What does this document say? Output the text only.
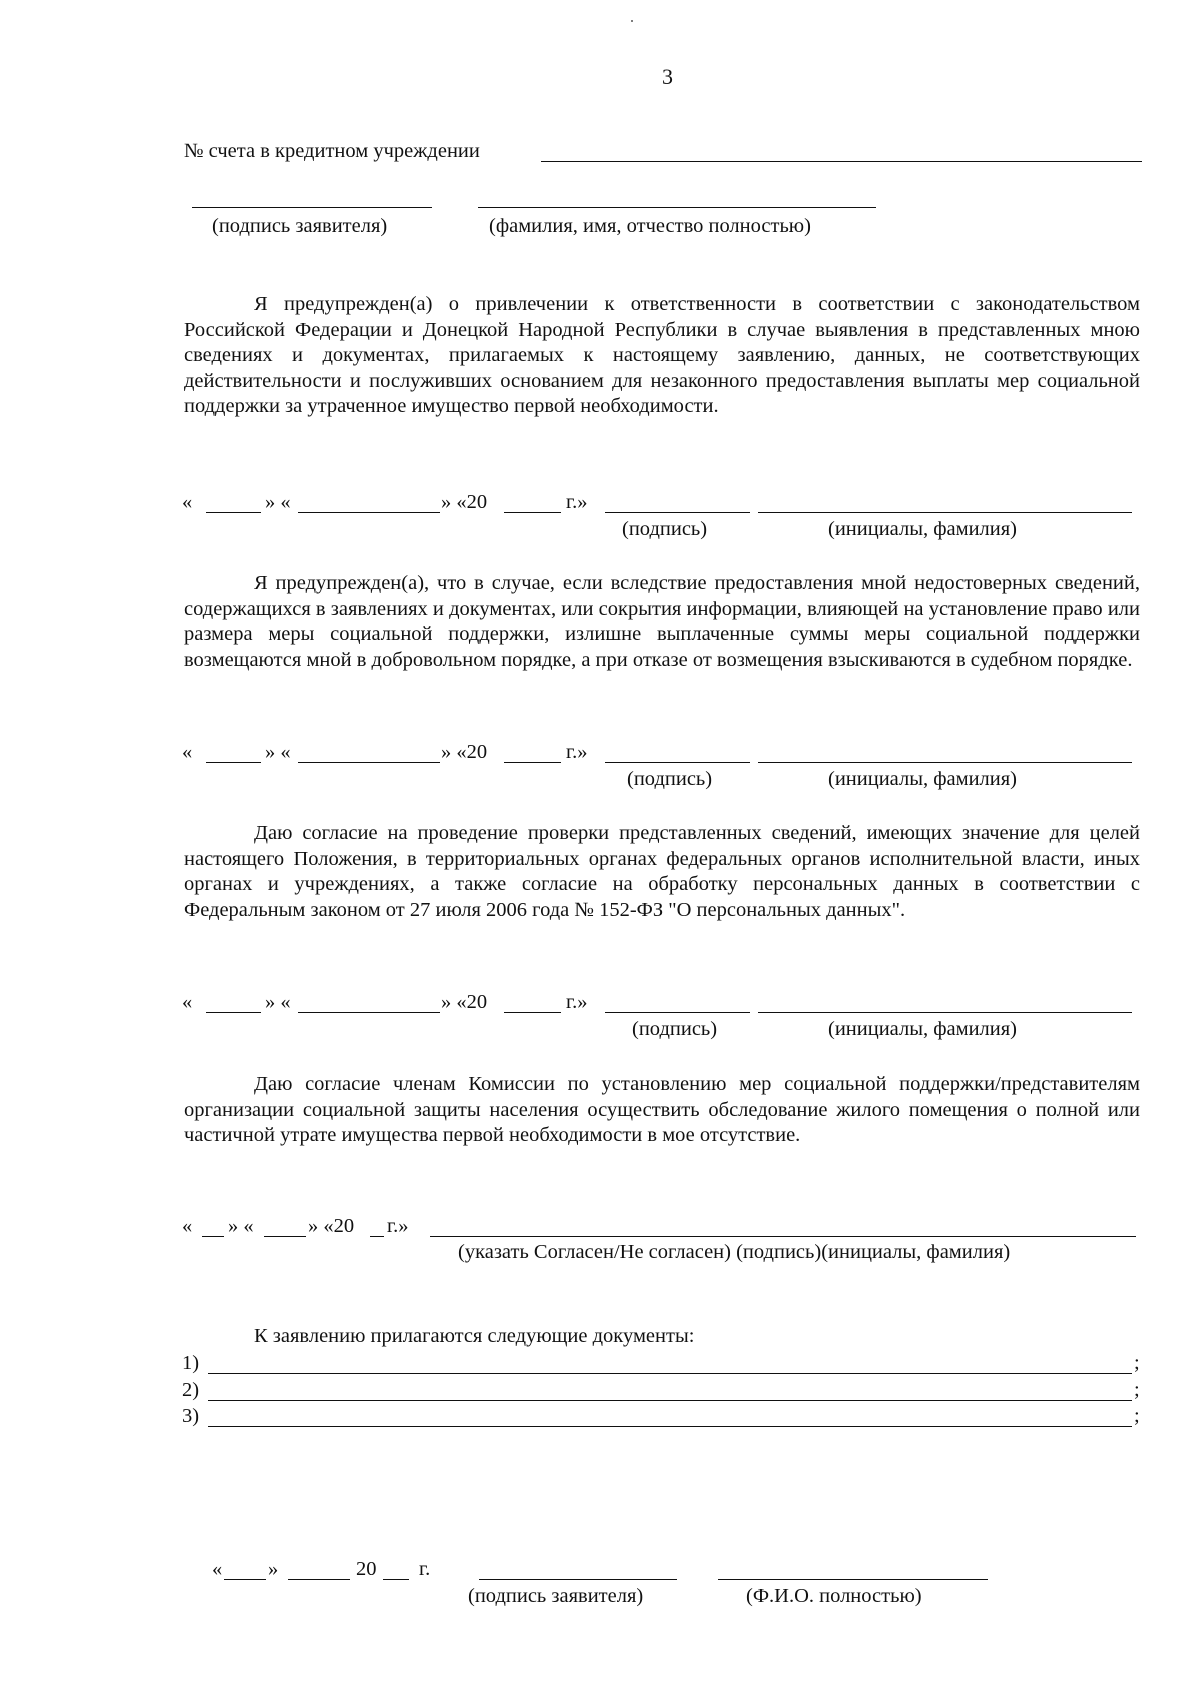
3
№ счета в кредитном учреждении
(подпись заявителя)	(фамилия, имя, отчество полностью)

Я предупрежден(а) о привлечении к ответственности в соответствии с законодательством Российской Федерации и Донецкой Народной Республики в случае выявления в представленных мною сведениях и документах, прилагаемых к настоящему заявлению, данных, не соответствующих действительности и послуживших основанием для незаконного предоставления выплаты мер социальной поддержки за утраченное имущество первой необходимости.

«	» «	» «20	г.»
(подпись)	(инициалы, фамилия)

Я предупрежден(а), что в случае, если вследствие предоставления мной недостоверных сведений, содержащихся в заявлениях и документах, или сокрытия информации, влияющей на установление право или размера меры социальной поддержки, излишне выплаченные суммы меры социальной поддержки возмещаются мной в добровольном порядке, а при отказе от возмещения взыскиваются в судебном порядке.

«	» «	» «20	г.»
(подпись)	(инициалы, фамилия)

Даю согласие на проведение проверки представленных сведений, имеющих значение для целей настоящего Положения, в территориальных органах федеральных органов исполнительной власти, иных органах и учреждениях, а также согласие на обработку персональных данных в соответствии с Федеральным законом от 27 июля 2006 года № 152-ФЗ "О персональных данных".

«	» «	» «20	г.»
(подпись)	(инициалы, фамилия)

Даю согласие членам Комиссии по установлению мер социальной поддержки/представителям организации социальной защиты населения осуществить обследование жилого помещения о полной или частичной утрате имущества первой необходимости в мое отсутствие.

« » «	» «20 г.»
(указать Согласен/Не согласен) (подпись)(инициалы, фамилия)
К заявлению прилагаются следующие документы:
1)	;
2)	;
3)	;
« »	20 г.
(подпись заявителя)	(Ф.И.О. полностью)
